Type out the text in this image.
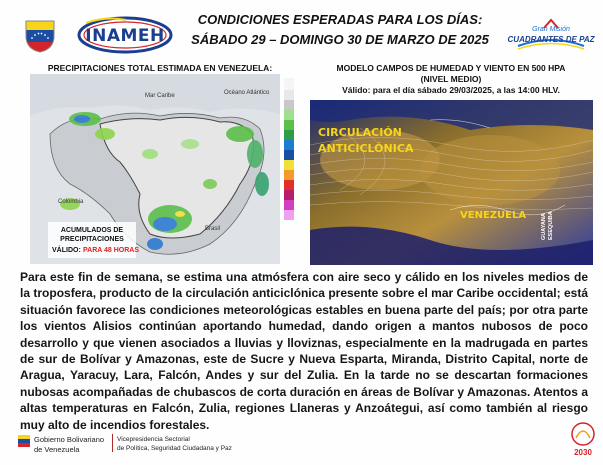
INAMEH
CONDICIONES ESPERADAS PARA LOS DÍAS:
SÁBADO 29 – DOMINGO 30 DE MARZO DE 2025
Gran Misión
CUADRANTES DE PAZ
PRECIPITACIONES TOTAL ESTIMADA EN VENEZUELA:
Mar Caribe	Océano Atlántico
Colombia
Brasil
ACUMULADOS DE
PRECIPITACIONES
VÁLIDO: PARA 48 HORAS
MODELO CAMPOS DE HUMEDAD Y VIENTO EN 500 HPA
(NIVEL MEDIO)
Válido: para el día sábado 29/03/2025, a las 14:00 HLV.
CIRCULACIÓN
ANTICICLÓNICA
VENEZUELA	GUAYANA ESEQUIBA

Para este fin de semana, se estima una atmósfera con aire seco y cálido en los niveles medios de la troposfera, producto de la circulación anticiclónica presente sobre el mar Caribe occidental; está situación favorece las condiciones meteorológicas estables en buena parte del país; por otra parte los vientos Alisios continúan aportando humedad, dando origen a mantos nubosos de poco desarrollo y que vienen asociados a lluvias y lloviznas, especialmente en la madrugada en partes de sur de Bolívar y Amazonas, este de Sucre y Nueva Esparta, Miranda, Distrito Capital, norte de Aragua, Yaracuy, Lara, Falcón, Andes y sur del Zulia. En la tarde no se descartan formaciones nubosas acompañadas de chubascos de corta duración en áreas de Bolívar y Amazonas. Atentos a altas temperaturas en Falcón, Zulia, regiones Llaneras y Anzoátegui, así como también al riesgo muy alto de incendios forestales.

Gobierno Bolivariano
de Venezuela
Vicepresidencia Sectorial
de Política, Seguridad Ciudadana y Paz	2030
